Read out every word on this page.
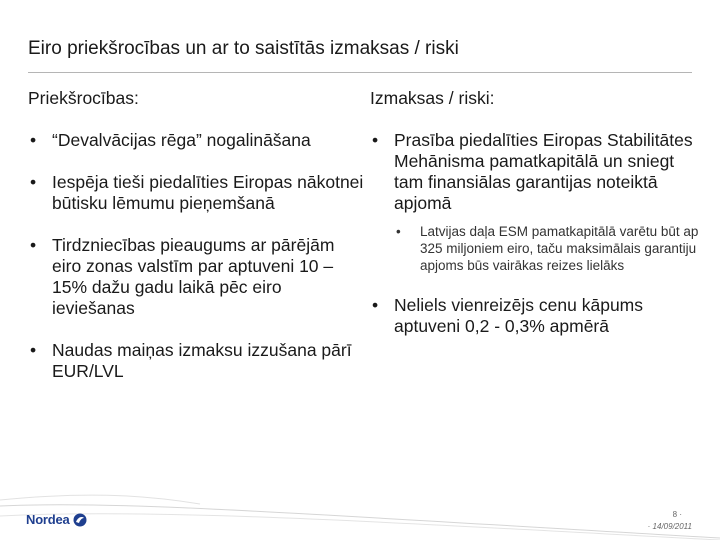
Eiro priekšrocības un ar to saistītās izmaksas / riski
Priekšrocības:
• “Devalvācijas rēga” nogalināšana
• Iespēja tieši piedalīties Eiropas nākotnei būtisku lēmumu pieņemšanā
• Tirdzniecības pieaugums ar pārējām eiro zonas valstīm par aptuveni 10 – 15% dažu gadu laikā pēc eiro ieviešanas
• Naudas maiņas izmaksu izzušana pārī EUR/LVL
Izmaksas / riski:
• Prasība piedalīties Eiropas Stabilitātes Mehānisma pamatkapitālā un sniegt tam finansiālas garantijas noteiktā apjomā
• Latvijas daļa ESM pamatkapitālā varētu būt ap 325 miljoniem eiro, taču maksimālais garantiju apjoms būs vairākas reizes lielāks
• Neliels vienreizējs cenu kāpums aptuveni 0,2 - 0,3% apmērā
Nordea	8 ·
· 14/09/2011
